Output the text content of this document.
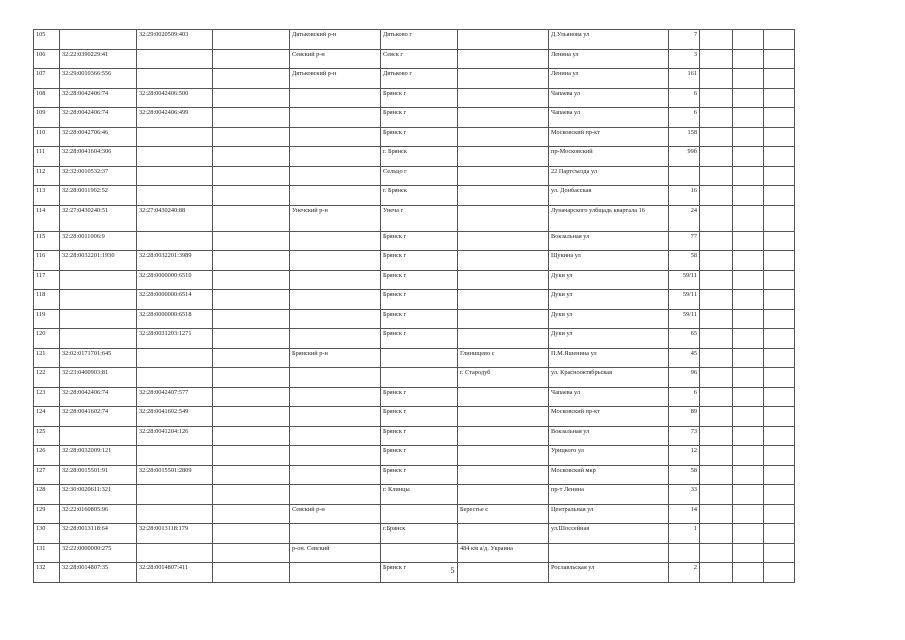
105		32:29:0020509:403		Дятьковский р-н	Дятьково г		Д.Ульянова ул	7			
106	32:22:0390229:41			Севский р-н	Севск г		Ленина ул	3			
107	32:29:0010366:556			Дятьковский р-н	Дятьково г		Ленина ул	161			
108	32:28:0042406:74	32:28:0042406:500			Брянск г		Чапаева ул	6			
109	32:28:0042406:74	32:28:0042406:499			Брянск г		Чапаева ул	6			
110	32:28:0042706:46				Брянск г		Московский пр-кт	158			
111	32:28:0041604:306				г. Брянск		пр-Московский	99б			
112	32:32:0010532:37				Сельцо г		22 Партсъезда ул				
113	32:28:0011902:52				г. Брянск		ул. Донбасская	16			
114	32:27:0430240:51	32:27:0430240:88		Унечский р-н	Унеча г		Луначарского улбщадь квартала 16	24			
115	32:28:0011006:9				Брянск г		Вокзальная ул	77			
116	32:28:0032201:1930	32:28:0032201:3989			Брянск г		Щукина ул	58			
117		32:28:0000000:6510			Брянск г		Дуки ул	59/11			
118		32:28:0000000:6514			Брянск г		Дуки ул	59/11			
119		32:28:0000000:6518			Брянск г		Дуки ул	59/11			
120		32:28:0031203:1271			Брянск г		Дуки ул	65			
121	32:02:0171701:645			Брянский р-н		Глинищево с	П.М.Яшенина ул	45			
122	32:23:0400903:81					г. Стародуб	ул. Краснооктябрьская	96			
123	32:28:0042406:74	32:28:0042407:577			Брянск г		Чапаева ул	6			
124	32:28:0041602:74	32:28:0041602:549			Брянск г		Московский пр-кт	89			
125		32:28:0041204:126			Брянск г		Вокзальная ул	73			
126	32:28:0032009:121				Брянск г		Урицкого ул	12			
127	32:28:0015501:91	32:28:0015501:2809			Брянск г		Московский мкр	58			
128	32:30:0020611:321				г. Клинцы		пр-т Ленина	33			
129	32:22:0160805:96			Севский р-н		Берестье с	Центральная ул	14			
130	32:28:0013118:64	32:28:0013118:179			г.Брянск		ул.Шоссейная	1			
131	32:22:0000000:275			р-он. Севский		484 км а/д. Украина					
132	32:28:0014807:35	32:28:0014807:411			Брянск г		Рославльская ул	2			
5
